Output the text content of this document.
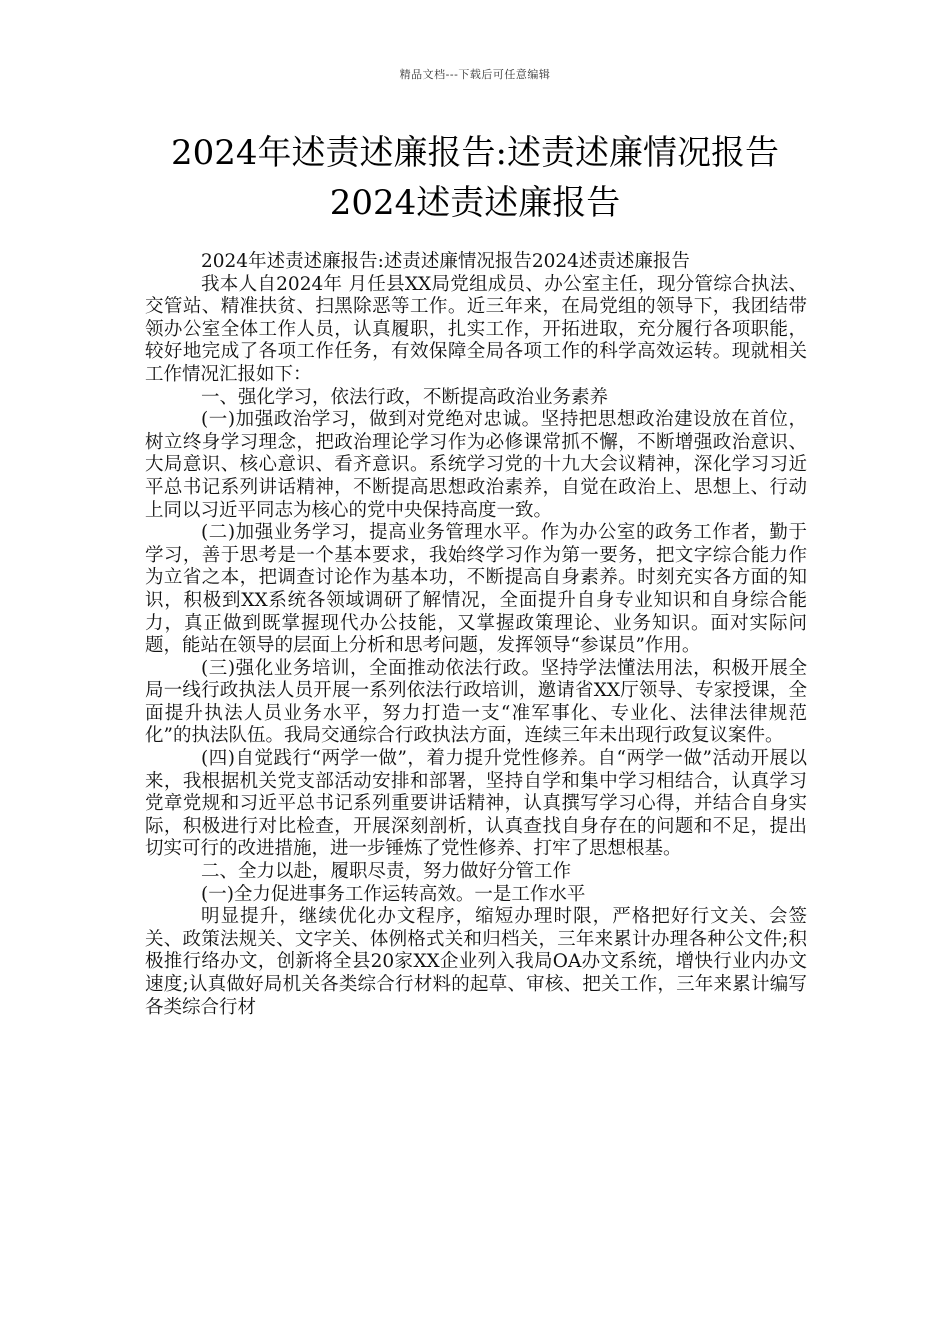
精品文档---下载后可任意编辑
2024年述责述廉报告:述责述廉情况报告
2024述责述廉报告

2024年述责述廉报告:述责述廉情况报告2024述责述廉报告

我本人自2024年 月任县XX局党组成员、办公室主任，现分管综合执法、交管站、精准扶贫、扫黑除恶等工作。近三年来，在局党组的领导下，我团结带领办公室全体工作人员，认真履职，扎实工作，开拓进取，充分履行各项职能，较好地完成了各项工作任务，有效保障全局各项工作的科学高效运转。现就相关工作情况汇报如下：

一、强化学习，依法行政，不断提高政治业务素养

(一)加强政治学习，做到对党绝对忠诚。坚持把思想政治建设放在首位，树立终身学习理念，把政治理论学习作为必修课常抓不懈，不断增强政治意识、大局意识、核心意识、看齐意识。系统学习党的十九大会议精神，深化学习习近平总书记系列讲话精神，不断提高思想政治素养，自觉在政治上、思想上、行动上同以习近平同志为核心的党中央保持高度一致。

(二)加强业务学习，提高业务管理水平。作为办公室的政务工作者，勤于学习，善于思考是一个基本要求，我始终学习作为第一要务，把文字综合能力作为立省之本，把调查讨论作为基本功，不断提高自身素养。时刻充实各方面的知识，积极到XX系统各领域调研了解情况，全面提升自身专业知识和自身综合能力，真正做到既掌握现代办公技能，又掌握政策理论、业务知识。面对实际问题，能站在领导的层面上分析和思考问题，发挥领导“参谋员”作用。

(三)强化业务培训，全面推动依法行政。坚持学法懂法用法，积极开展全局一线行政执法人员开展一系列依法行政培训，邀请省XX厅领导、专家授课，全面提升执法人员业务水平，努力打造一支“准军事化、专业化、法律法律规范化”的执法队伍。我局交通综合行政执法方面，连续三年未出现行政复议案件。

(四)自觉践行“两学一做”，着力提升党性修养。自“两学一做”活动开展以来，我根据机关党支部活动安排和部署，坚持自学和集中学习相结合，认真学习党章党规和习近平总书记系列重要讲话精神，认真撰写学习心得，并结合自身实际，积极进行对比检查，开展深刻剖析，认真查找自身存在的问题和不足，提出切实可行的改进措施，进一步锤炼了党性修养、打牢了思想根基。

二、全力以赴，履职尽责，努力做好分管工作

(一)全力促进事务工作运转高效。一是工作水平

明显提升，继续优化办文程序，缩短办理时限，严格把好行文关、会签关、政策法规关、文字关、体例格式关和归档关，三年来累计办理各种公文件;积极推行络办文，创新将全县20家XX企业列入我局OA办文系统，增快行业内办文速度;认真做好局机关各类综合行材料的起草、审核、把关工作，三年来累计编写各类综合行材
